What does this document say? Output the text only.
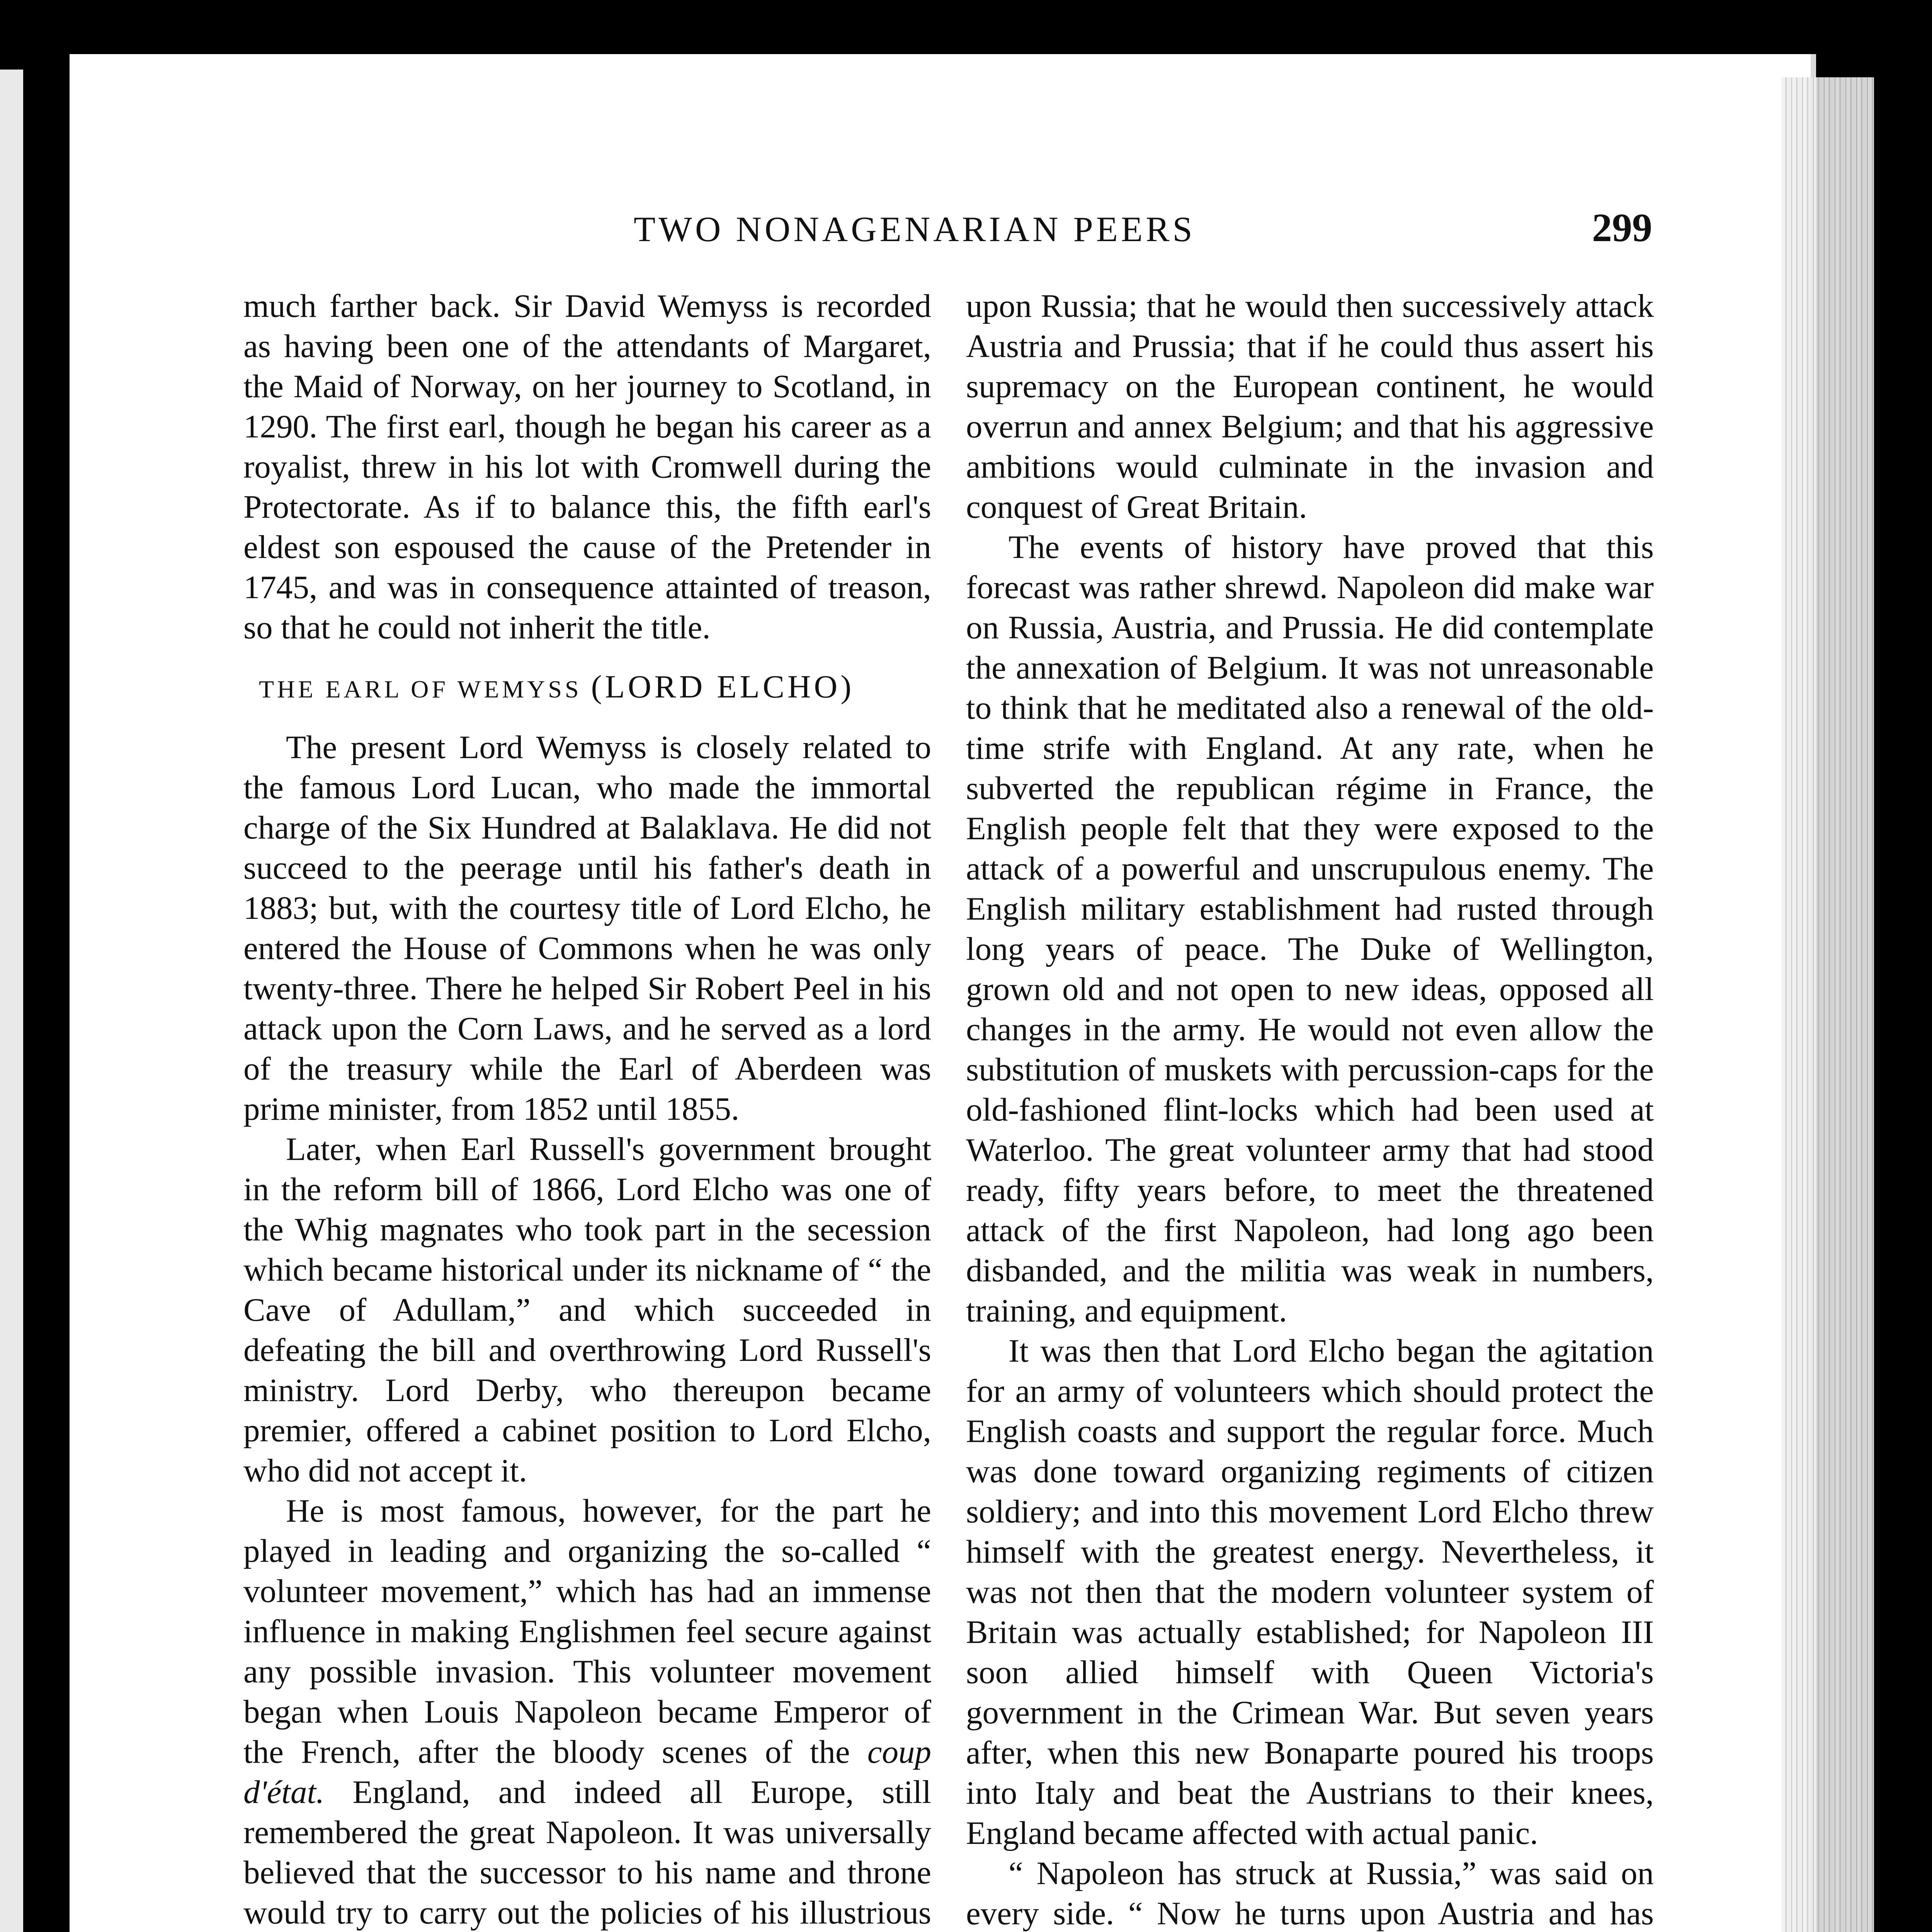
TWO NONAGENARIAN PEERS	299

much farther back. Sir David Wemyss is recorded as having been one of the attendants of Margaret, the Maid of Norway, on her journey to Scotland, in 1290. The first earl, though he began his career as a royalist, threw in his lot with Cromwell during the Protectorate. As if to balance this, the fifth earl's eldest son espoused the cause of the Pretender in 1745, and was in consequence attainted of treason, so that he could not inherit the title.

THE EARL OF WEMYSS (LORD ELCHO)

The present Lord Wemyss is closely related to the famous Lord Lucan, who made the immortal charge of the Six Hundred at Balaklava. He did not succeed to the peerage until his father's death in 1883; but, with the courtesy title of Lord Elcho, he entered the House of Commons when he was only twenty-three. There he helped Sir Robert Peel in his attack upon the Corn Laws, and he served as a lord of the treasury while the Earl of Aberdeen was prime minister, from 1852 until 1855.

Later, when Earl Russell's government brought in the reform bill of 1866, Lord Elcho was one of the Whig magnates who took part in the secession which became historical under its nickname of “ the Cave of Adullam,” and which succeeded in defeating the bill and overthrowing Lord Russell's ministry. Lord Derby, who thereupon became premier, offered a cabinet position to Lord Elcho, who did not accept it.

He is most famous, however, for the part he played in leading and organizing the so-called “ volunteer movement,” which has had an immense influence in making Englishmen feel secure against any possible invasion. This volunteer movement began when Louis Napoleon became Emperor of the French, after the bloody scenes of the coup d'état. England, and indeed all Europe, still remembered the great Napoleon. It was universally believed that the successor to his name and throne would try to carry out the policies of his illustrious

upon Russia; that he would then successively attack Austria and Prussia; that if he could thus assert his supremacy on the European continent, he would overrun and annex Belgium; and that his aggressive ambitions would culminate in the invasion and conquest of Great Britain.

The events of history have proved that this forecast was rather shrewd. Napoleon did make war on Russia, Austria, and Prussia. He did contemplate the annexation of Belgium. It was not unreasonable to think that he meditated also a renewal of the old-time strife with England. At any rate, when he subverted the republican régime in France, the English people felt that they were exposed to the attack of a powerful and unscrupulous enemy. The English military establishment had rusted through long years of peace. The Duke of Wellington, grown old and not open to new ideas, opposed all changes in the army. He would not even allow the substitution of muskets with percussion-caps for the old-fashioned flint-locks which had been used at Waterloo. The great volunteer army that had stood ready, fifty years before, to meet the threatened attack of the first Napoleon, had long ago been disbanded, and the militia was weak in numbers, training, and equipment.

It was then that Lord Elcho began the agitation for an army of volunteers which should protect the English coasts and support the regular force. Much was done toward organizing regiments of citizen soldiery; and into this movement Lord Elcho threw himself with the greatest energy. Nevertheless, it was not then that the modern volunteer system of Britain was actually established; for Napoleon III soon allied himself with Queen Victoria's government in the Crimean War. But seven years after, when this new Bonaparte poured his troops into Italy and beat the Austrians to their knees, England became affected with actual panic.

“ Napoleon has struck at Russia,” was said on every side. “ Now he turns upon Austria and has
